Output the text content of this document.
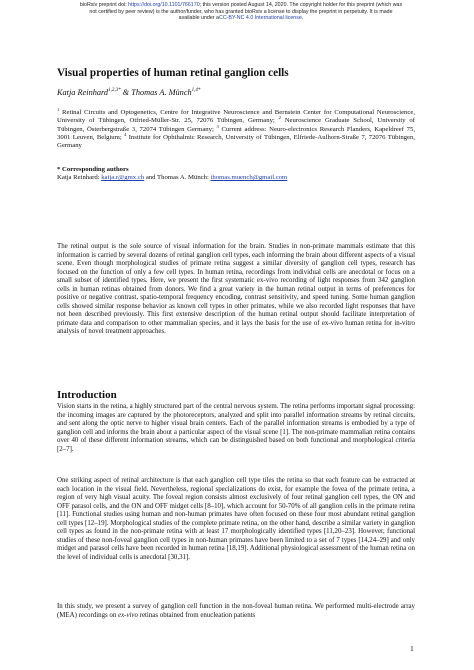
bioRxiv preprint doi: https://doi.org/10.1101/766170; this version posted August 14, 2020. The copyright holder for this preprint (which was
not certified by peer review) is the author/funder, who has granted bioRxiv a license to display the preprint in perpetuity. It is made
available under aCC-BY-NC 4.0 International license.
Visual properties of human retinal ganglion cells
Katja Reinhard$^{1,2,3*}$ & Thomas A. Münch$^{1,4*}$
$^1$ Retinal Circuits and Optogenetics, Centre for Integrative Neuroscience and Bernstein Center for Computational Neuroscience, University of Tübingen, Otfried-Müller-Str. 25, 72076 Tübingen, Germany; $^2$ Neuroscience Graduate School, University of Tübingen, Österbergstraße 3, 72074 Tübingen Germany; $^3$ Current address: Neuro-electronics Research Flanders, Kapeldreef 75, 3001 Leuven, Belgium; $^4$ Institute for Ophthalmic Research, University of Tübingen, Elfriede-Aulhorn-Straße 7, 72076 Tübingen, Germany
* Corresponding authors
Katja Reinhard: katja.r@gmx.ch and Thomas A. Münch: thomas.muench@gmail.com
The retinal output is the sole source of visual information for the brain. Studies in non-primate mammals estimate that this information is carried by several dozens of retinal ganglion cell types, each informing the brain about different aspects of a visual scene. Even though morphological studies of primate retina suggest a similar diversity of ganglion cell types, research has focused on the function of only a few cell types. In human retina, recordings from individual cells are anecdotal or focus on a small subset of identified types. Here, we present the first systematic ex-vivo recording of light responses from 342 ganglion cells in human retinas obtained from donors. We find a great variety in the human retinal output in terms of preferences for positive or negative contrast, spatio-temporal frequency encoding, contrast sensitivity, and speed tuning. Some human ganglion cells showed similar response behavior as known cell types in other primates, while we also recorded light responses that have not been described previously. This first extensive description of the human retinal output should facilitate interpretation of primate data and comparison to other mammalian species, and it lays the basis for the use of ex-vivo human retina for in-vitro analysis of novel treatment approaches.
Introduction
Vision starts in the retina, a highly structured part of the central nervous system. The retina performs important signal processing: the incoming images are captured by the photoreceptors, analyzed and split into parallel information streams by retinal circuits, and sent along the optic nerve to higher visual brain centers. Each of the parallel information streams is embodied by a type of ganglion cell and informs the brain about a particular aspect of the visual scene [1]. The non-primate mammalian retina contains over 40 of these different information streams, which can be distinguished based on both functional and morphological criteria [2–7].
One striking aspect of retinal architecture is that each ganglion cell type tiles the retina so that each feature can be extracted at each location in the visual field. Nevertheless, regional specializations do exist, for example the fovea of the primate retina, a region of very high visual acuity. The foveal region consists almost exclusively of four retinal ganglion cell types, the ON and OFF parasol cells, and the ON and OFF midget cells [8–10], which account for 50-70% of all ganglion cells in the primate retina [11]. Functional studies using human and non-human primates have often focused on these four most abundant retinal ganglion cell types [12–19]. Morphological studies of the complete primate retina, on the other hand, describe a similar variety in ganglion cell types as found in the non-primate retina with at least 17 morphologically identified types [11,20–23]. However, functional studies of these non-foveal ganglion cell types in non-human primates have been limited to a set of 7 types [14,24–29] and only midget and parasol cells have been recorded in human retina [18,19]. Additional physiological assessment of the human retina on the level of individual cells is anecdotal [30,31].
In this study, we present a survey of ganglion cell function in the non-foveal human retina. We performed multi-electrode array (MEA) recordings on ex-vivo retinas obtained from enucleation patients
1
